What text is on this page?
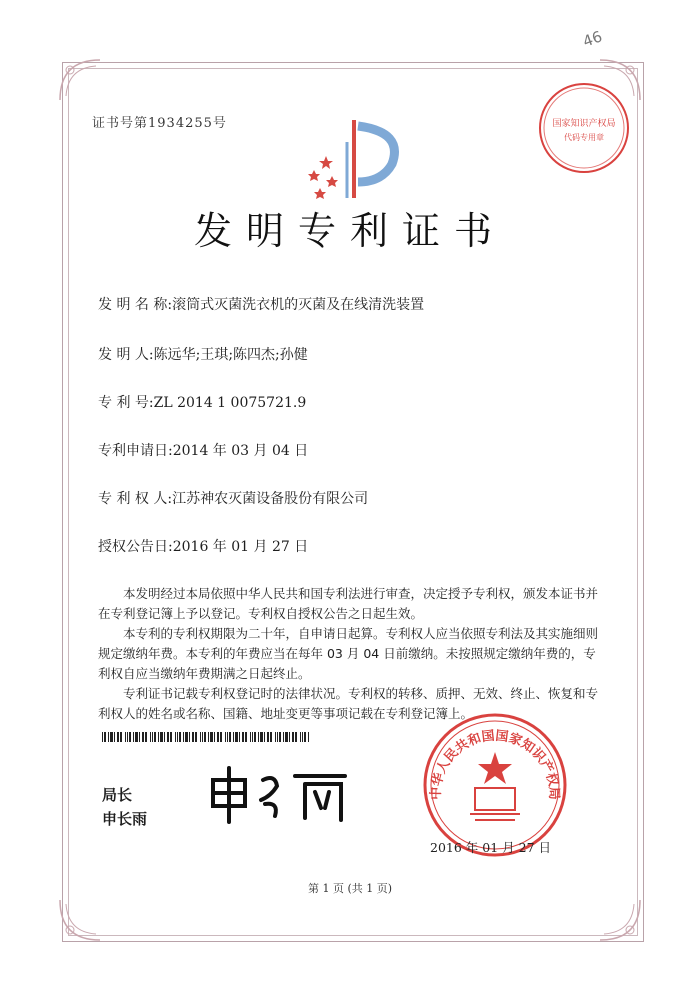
46
国家知识产权局
代码专用章
证书号第1934255号
发明专利证书
发 明 名 称:滚筒式灭菌洗衣机的灭菌及在线清洗装置
发 明 人:陈远华;王琪;陈四杰;孙健
专 利 号:ZL 2014 1 0075721.9
专利申请日:2014 年 03 月 04 日
专 利 权 人:江苏神农灭菌设备股份有限公司
授权公告日:2016 年 01 月 27 日

本发明经过本局依照中华人民共和国专利法进行审查，决定授予专利权，颁发本证书并在专利登记簿上予以登记。专利权自授权公告之日起生效。

本专利的专利权期限为二十年，自申请日起算。专利权人应当依照专利法及其实施细则规定缴纳年费。本专利的年费应当在每年 03 月 04 日前缴纳。未按照规定缴纳年费的，专利权自应当缴纳年费期满之日起终止。

专利证书记载专利权登记时的法律状况。专利权的转移、质押、无效、终止、恢复和专利权人的姓名或名称、国籍、地址变更等事项记载在专利登记簿上。

局长
申长雨
中华人民共和国国家知识产权局
2016 年 01 月 27 日
第 1 页 (共 1 页)
